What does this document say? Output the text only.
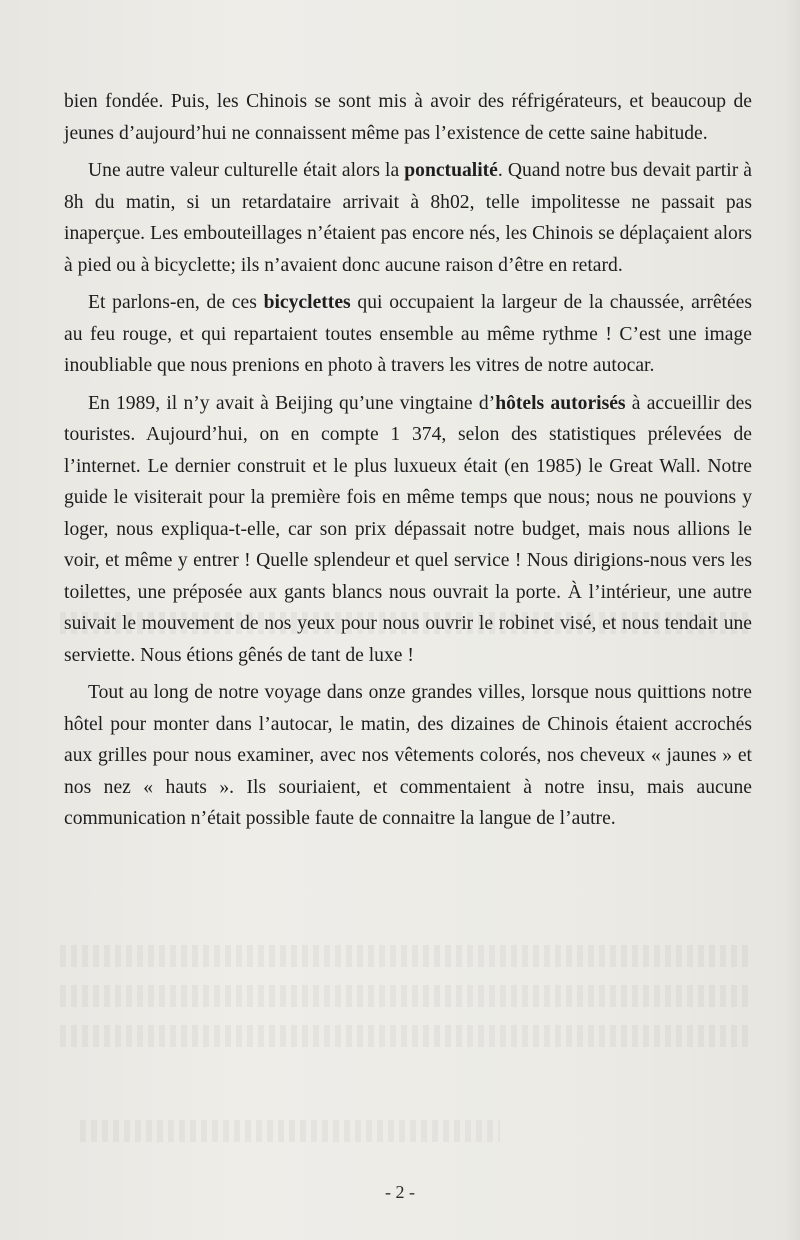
bien fondée. Puis, les Chinois se sont mis à avoir des réfrigérateurs, et beaucoup de jeunes d’aujourd’hui ne connaissent même pas l’existence de cette saine habitude.

Une autre valeur culturelle était alors la ponctualité. Quand notre bus devait partir à 8h du matin, si un retardataire arrivait à 8h02, telle impolitesse ne passait pas inaperçue. Les embouteillages n’étaient pas encore nés, les Chinois se déplaçaient alors à pied ou à bicyclette; ils n’avaient donc aucune raison d’être en retard.

Et parlons-en, de ces bicyclettes qui occupaient la largeur de la chaussée, arrêtées au feu rouge, et qui repartaient toutes ensemble au même rythme ! C’est une image inoubliable que nous prenions en photo à travers les vitres de notre autocar.

En 1989, il n’y avait à Beijing qu’une vingtaine d’hôtels autorisés à accueillir des touristes. Aujourd’hui, on en compte 1 374, selon des statistiques prélevées de l’internet. Le dernier construit et le plus luxueux était (en 1985) le Great Wall. Notre guide le visiterait pour la première fois en même temps que nous; nous ne pouvions y loger, nous expliqua-t-elle, car son prix dépassait notre budget, mais nous allions le voir, et même y entrer ! Quelle splendeur et quel service ! Nous dirigions-nous vers les toilettes, une préposée aux gants blancs nous ouvrait la porte. À l’intérieur, une autre suivait le mouvement de nos yeux pour nous ouvrir le robinet visé, et nous tendait une serviette. Nous étions gênés de tant de luxe !

Tout au long de notre voyage dans onze grandes villes, lorsque nous quittions notre hôtel pour monter dans l’autocar, le matin, des dizaines de Chinois étaient accrochés aux grilles pour nous examiner, avec nos vêtements colorés, nos cheveux « jaunes » et nos nez « hauts ». Ils souriaient, et commentaient à notre insu, mais aucune communication n’était possible faute de connaitre la langue de l’autre.

- 2 -
